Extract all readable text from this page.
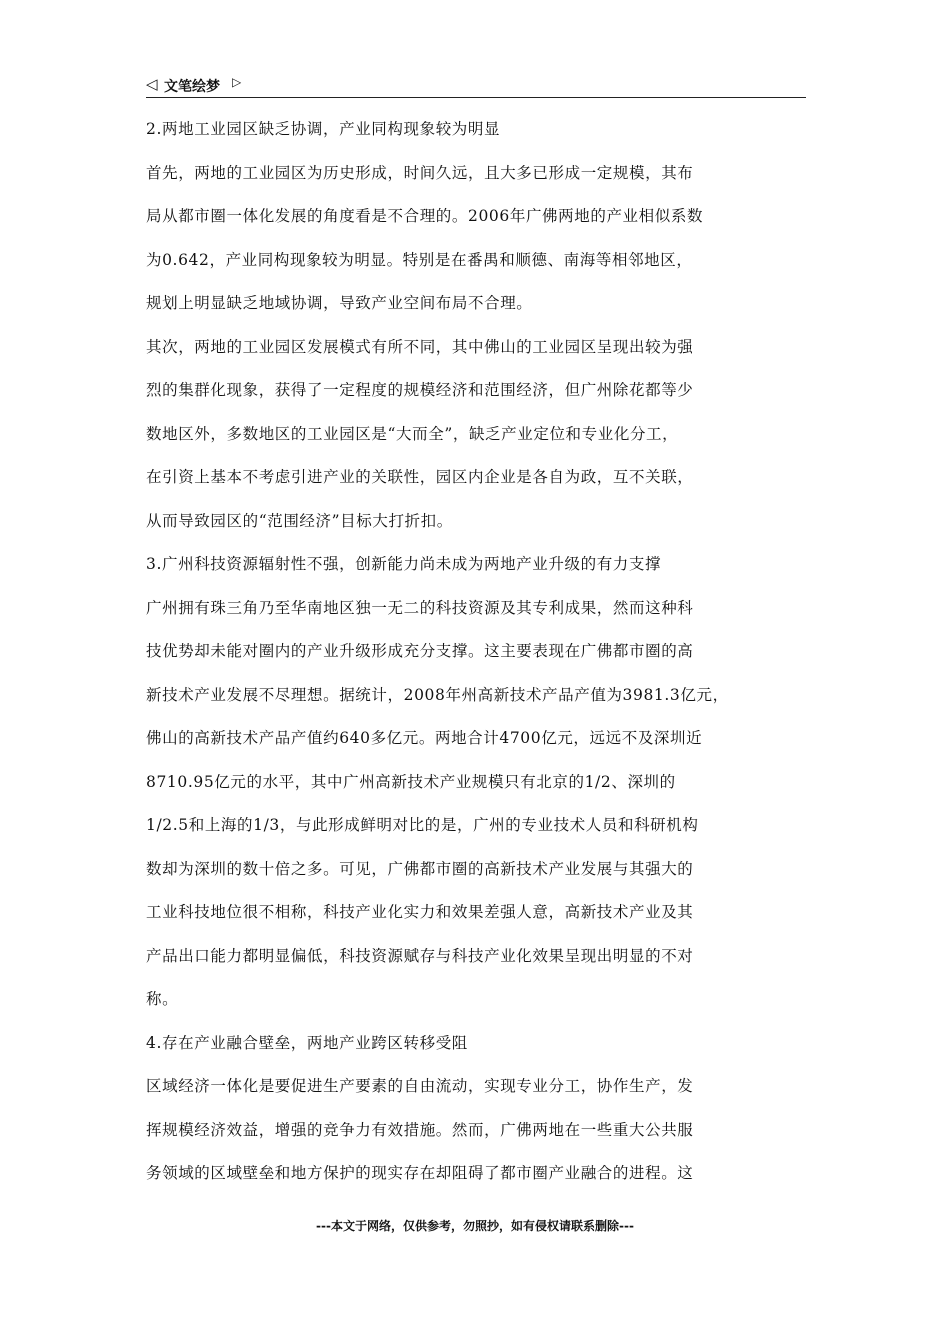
◁ 文笔绘梦 ▷
2.两地工业园区缺乏协调，产业同构现象较为明显
首先，两地的工业园区为历史形成，时间久远，且大多已形成一定规模，其布
局从都市圈一体化发展的角度看是不合理的。2006年广佛两地的产业相似系数
为0.642，产业同构现象较为明显。特别是在番禺和顺德、南海等相邻地区，
规划上明显缺乏地域协调，导致产业空间布局不合理。
其次，两地的工业园区发展模式有所不同，其中佛山的工业园区呈现出较为强
烈的集群化现象，获得了一定程度的规模经济和范围经济，但广州除花都等少
数地区外，多数地区的工业园区是“大而全”，缺乏产业定位和专业化分工，
在引资上基本不考虑引进产业的关联性，园区内企业是各自为政，互不关联，
从而导致园区的“范围经济”目标大打折扣。
3.广州科技资源辐射性不强，创新能力尚未成为两地产业升级的有力支撑
广州拥有珠三角乃至华南地区独一无二的科技资源及其专利成果，然而这种科
技优势却未能对圈内的产业升级形成充分支撑。这主要表现在广佛都市圈的高
新技术产业发展不尽理想。据统计，2008年州高新技术产品产值为3981.3亿元，
佛山的高新技术产品产值约640多亿元。两地合计4700亿元，远远不及深圳近
8710.95亿元的水平，其中广州高新技术产业规模只有北京的1/2、深圳的
1/2.5和上海的1/3，与此形成鲜明对比的是，广州的专业技术人员和科研机构
数却为深圳的数十倍之多。可见，广佛都市圈的高新技术产业发展与其强大的
工业科技地位很不相称，科技产业化实力和效果差强人意，高新技术产业及其
产品出口能力都明显偏低，科技资源赋存与科技产业化效果呈现出明显的不对
称。
4.存在产业融合壁垒，两地产业跨区转移受阻
区域经济一体化是要促进生产要素的自由流动，实现专业分工，协作生产，发
挥规模经济效益，增强的竞争力有效措施。然而，广佛两地在一些重大公共服
务领域的区域壁垒和地方保护的现实存在却阻碍了都市圈产业融合的进程。这
---本文于网络，仅供参考，勿照抄，如有侵权请联系删除---
